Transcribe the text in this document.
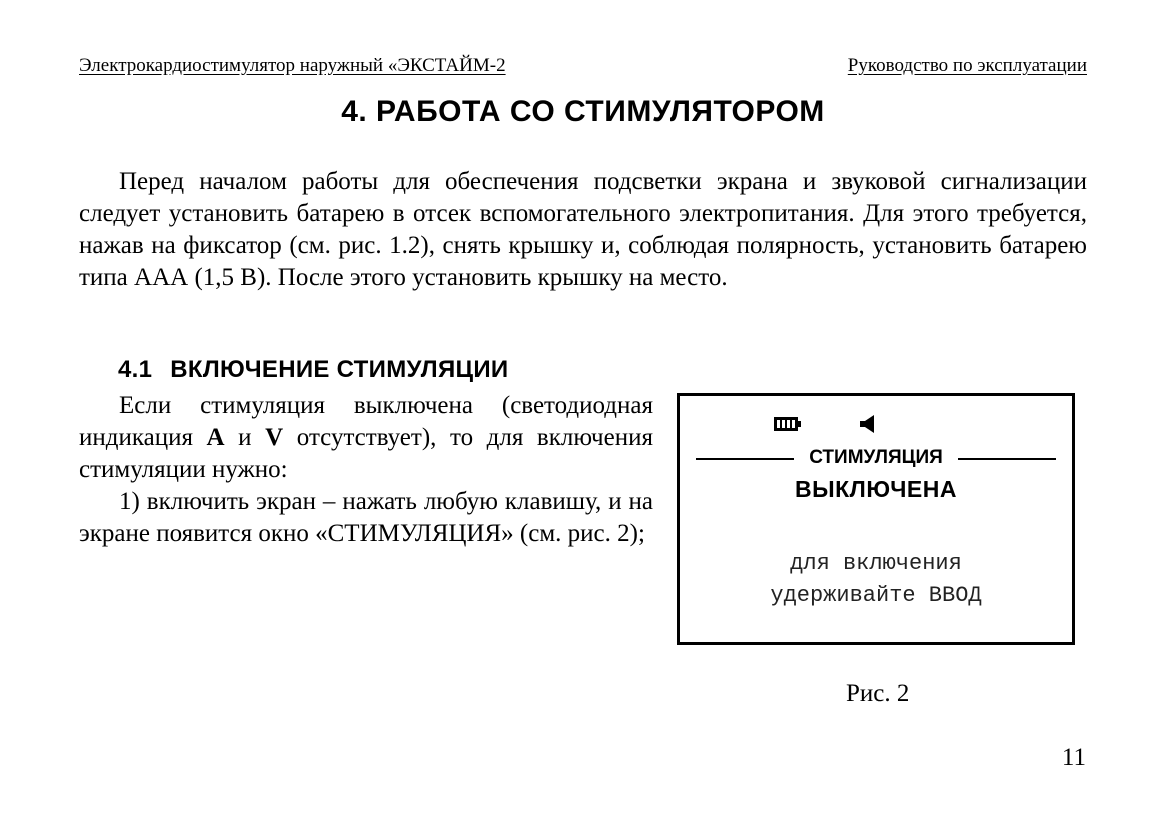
Электрокардиостимулятор наружный «ЭКСТАЙМ-2	Руководство по эксплуатации
4. РАБОТА СО СТИМУЛЯТОРОМ

Перед началом работы для обеспечения подсветки экрана и звуковой сигнализации следует установить батарею в отсек вспомогательного электропитания. Для этого требуется, нажав на фиксатор (см. рис. 1.2), снять крышку и, соблюдая полярность, установить батарею типа ААА (1,5 В). После этого установить крышку на место.

4.1 ВКЛЮЧЕНИЕ СТИМУЛЯЦИИ

Если стимуляция выключена (светодиодная индикация A и V отсутствует), то для включения стимуляции нужно:

1) включить экран – нажать любую клавишу, и на экране появится окно «СТИМУЛЯЦИЯ» (см. рис. 2);

СТИМУЛЯЦИЯ
ВЫКЛЮЧЕНА
для включения
удерживайте ВВОД
Рис. 2
11
